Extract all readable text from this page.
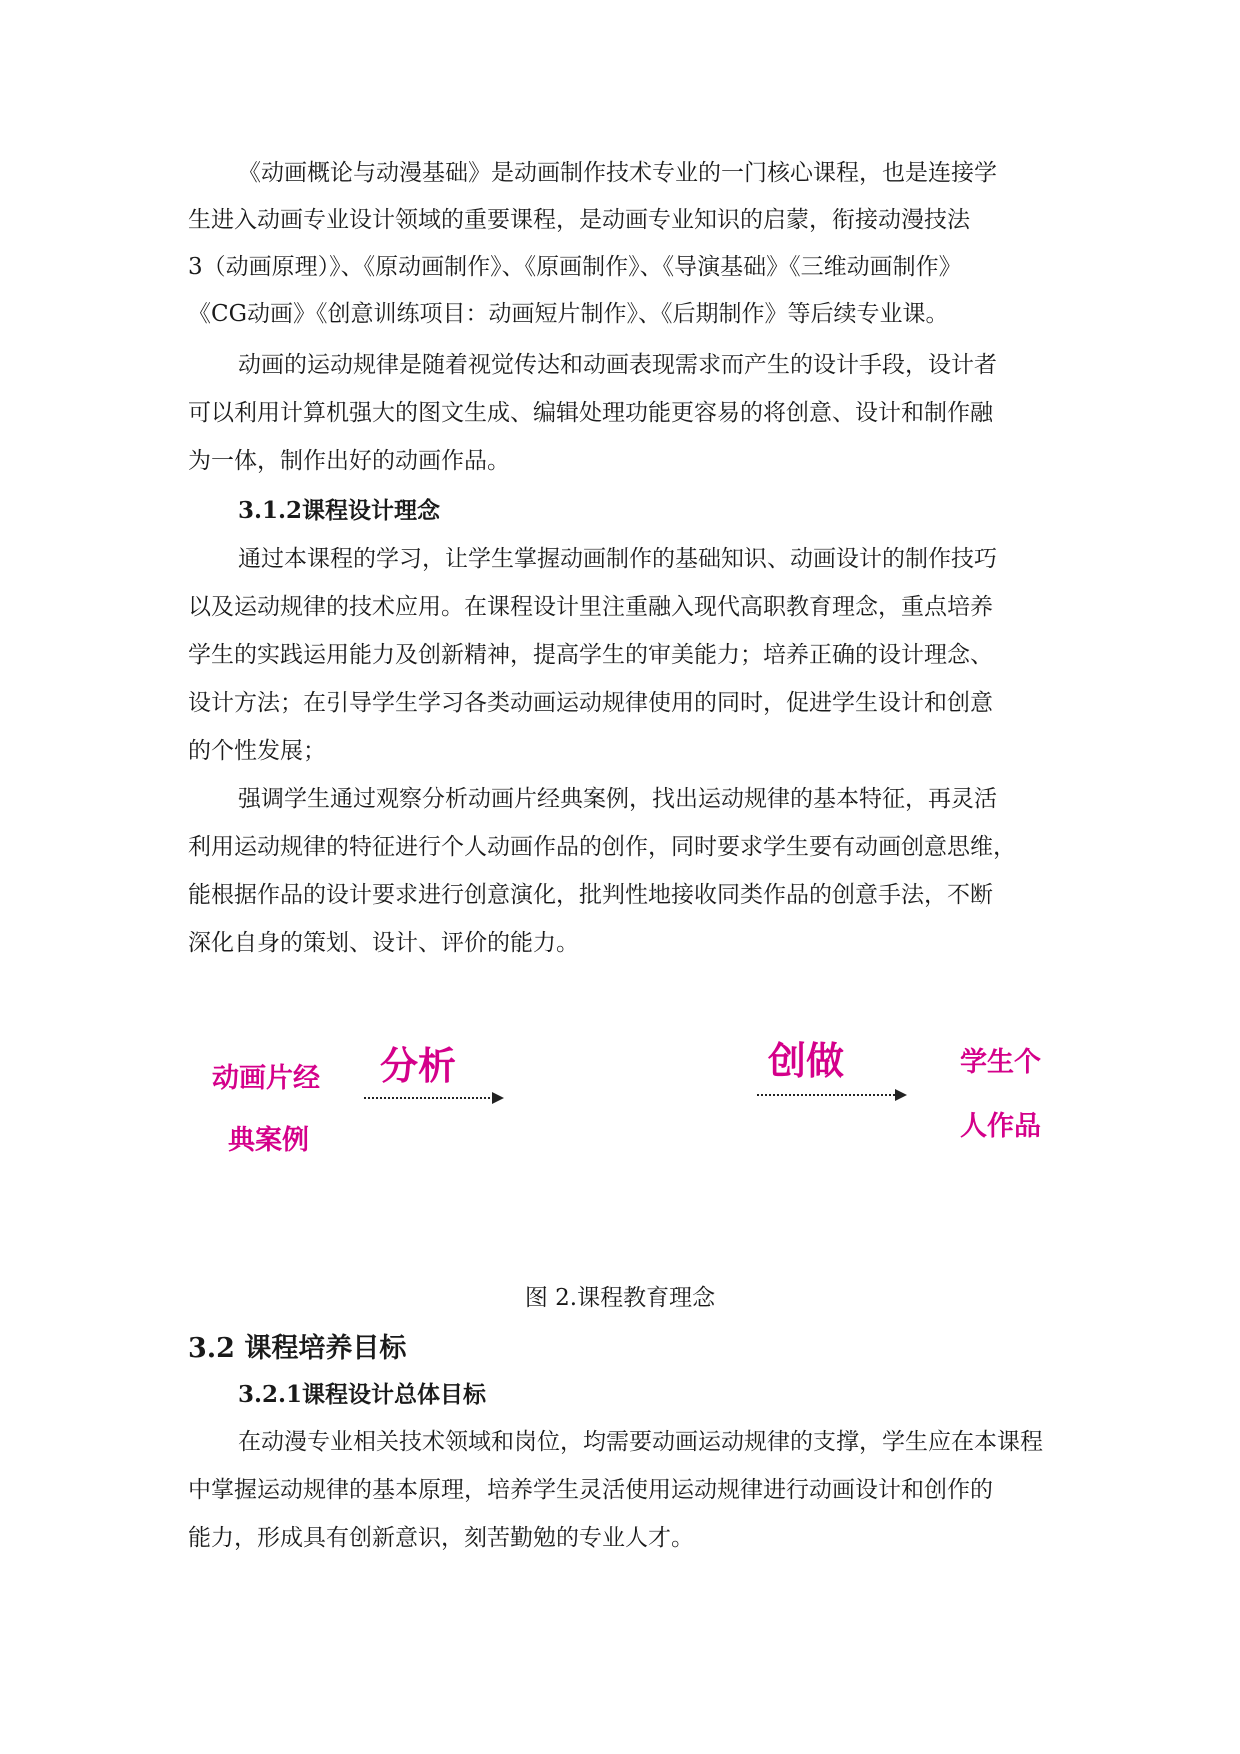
《动画概论与动漫基础》是动画制作技术专业的一门核心课程，也是连接学
生进入动画专业设计领域的重要课程，是动画专业知识的启蒙，衔接动漫技法
3（动画原理）》、《原动画制作》、《原画制作》、《导演基础》《三维动画制作》
《CG动画》《创意训练项目：动画短片制作》、《后期制作》等后续专业课。
动画的运动规律是随着视觉传达和动画表现需求而产生的设计手段，设计者
可以利用计算机强大的图文生成、编辑处理功能更容易的将创意、设计和制作融
为一体，制作出好的动画作品。
3.1.2课程设计理念
通过本课程的学习，让学生掌握动画制作的基础知识、动画设计的制作技巧
以及运动规律的技术应用。在课程设计里注重融入现代高职教育理念，重点培养
学生的实践运用能力及创新精神，提高学生的审美能力；培养正确的设计理念、
设计方法；在引导学生学习各类动画运动规律使用的同时，促进学生设计和创意
的个性发展；
强调学生通过观察分析动画片经典案例，找出运动规律的基本特征，再灵活
利用运动规律的特征进行个人动画作品的创作，同时要求学生要有动画创意思维，
能根据作品的设计要求进行创意演化，批判性地接收同类作品的创意手法，不断
深化自身的策划、设计、评价的能力。
动画片经
典案例
分析	创做	学生个
人作品
图 2.课程教育理念
3.2 课程培养目标
3.2.1课程设计总体目标
在动漫专业相关技术领域和岗位，均需要动画运动规律的支撑，学生应在本课程
中掌握运动规律的基本原理，培养学生灵活使用运动规律进行动画设计和创作的
能力，形成具有创新意识，刻苦勤勉的专业人才。
